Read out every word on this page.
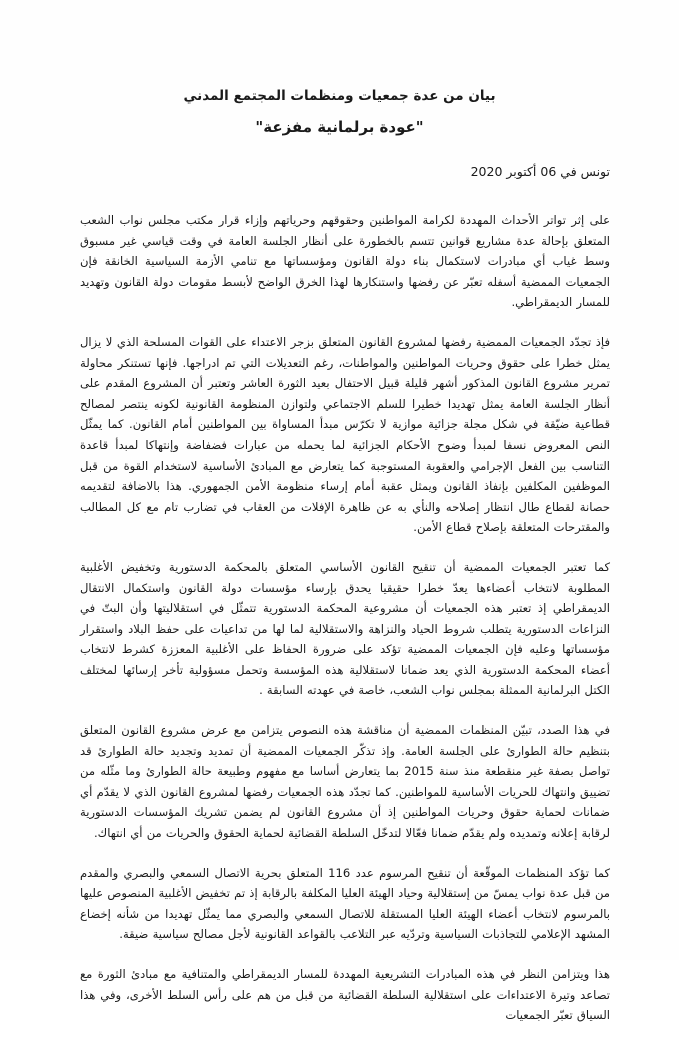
بيان من عدة جمعيات ومنظمات المجتمع المدني

"عودة برلمانية مفزعة"

تونس في 06 أكتوبر 2020

على إثر تواتر الأحداث المهددة لكرامة المواطنين وحقوقهم وحرياتهم وإزاء قرار مكتب مجلس نواب الشعب المتعلق بإحالة عدة مشاريع قوانين تتسم بالخطورة على أنظار الجلسة العامة في وقت قياسي غير مسبوق وسط غياب أي مبادرات لاستكمال بناء دولة القانون ومؤسساتها مع تنامي الأزمة السياسية الخانقة فإن الجمعيات الممضية أسفله تعبّر عن رفضها واستنكارها لهذا الخرق الواضح لأبسط مقومات دولة القانون وتهديد للمسار الديمقراطي.

فإذ تجدّد الجمعيات الممضية رفضها لمشروع القانون المتعلق بزجر الاعتداء على القوات المسلحة الذي لا يزال يمثل خطرا على حقوق وحريات المواطنين والمواطنات، رغم التعديلات التي تم ادراجها. فإنها تستنكر محاولة تمرير مشروع القانون المذكور أشهر قليلة قبيل الاحتفال بعيد الثورة العاشر وتعتبر أن المشروع المقدم على أنظار الجلسة العامة يمثل تهديدا خطيرا للسلم الاجتماعي ولتوازن المنظومة القانونية لكونه ينتصر لمصالح قطاعية ضيّقة في شكل مجلة جزائية موازية لا تكرّس مبدأ المساواة بين المواطنين أمام القانون. كما يمثّل النص المعروض نسفا لمبدأ وضوح الأحكام الجزائية لما يحمله من عبارات فضفاضة وإنتهاكا لمبدأ قاعدة التناسب بين الفعل الإجرامي والعقوبة المستوجبة كما يتعارض مع المبادئ الأساسية لاستخدام القوة من قبل الموظفين المكلفين بإنفاذ القانون ويمثل عقبة أمام إرساء منظومة الأمن الجمهوري. هذا بالاضافة لتقديمه حصانة لقطاع طال انتظار إصلاحه والنأي به عن ظاهرة الإفلات من العقاب في تضارب تام مع كل المطالب والمقترحات المتعلقة بإصلاح قطاع الأمن.

كما تعتبر الجمعيات الممضية أن تنقيح القانون الأساسي المتعلق بالمحكمة الدستورية وتخفيض الأغلبية المطلوبة لانتخاب أعضاءها يعدّ خطرا حقيقيا يحدق بإرساء مؤسسات دولة القانون واستكمال الانتقال الديمقراطي إذ تعتبر هذه الجمعيات أن مشروعية المحكمة الدستورية تتمثّل في استقلاليتها وأن البتّ في النزاعات الدستورية يتطلب شروط الحياد والنزاهة والاستقلالية لما لها من تداعيات على حفظ البلاد واستقرار مؤسساتها وعليه فإن الجمعيات الممضية تؤكد على ضرورة الحفاظ على الأغلبية المعززة كشرط لانتخاب أعضاء المحكمة الدستورية الذي يعد ضمانا لاستقلالية هذه المؤسسة وتحمل مسؤولية تأخر إرسائها لمختلف الكتل البرلمانية الممثلة بمجلس نواب الشعب، خاصة في عهدته السابقة .

في هذا الصدد، تبيّن المنظمات الممضية أن مناقشة هذه النصوص يتزامن مع عرض مشروع القانون المتعلق بتنظيم حالة الطوارئ على الجلسة العامة. وإذ تذكّر الجمعيات الممضية أن تمديد وتجديد حالة الطوارئ قد تواصل بصفة غير منقطعة منذ سنة 2015 بما يتعارض أساسا مع مفهوم وطبيعة حالة الطوارئ وما مثّله من تضييق وانتهاك للحريات الأساسية للمواطنين. كما تجدّد هذه الجمعيات رفضها لمشروع القانون الذي لا يقدّم أي ضمانات لحماية حقوق وحريات المواطنين إذ أن مشروع القانون لم يضمن تشريك المؤسسات الدستورية لرقابة إعلانه وتمديده ولم يقدّم ضمانا فعّالا لتدخّل السلطة القضائية لحماية الحقوق والحريات من أي انتهاك.

كما تؤكد المنظمات الموقّعة أن تنقيح المرسوم عدد 116 المتعلق بحرية الاتصال السمعي والبصري والمقدم من قبل عدة نواب يمسّ من إستقلالية وحياد الهيئة العليا المكلفة بالرقابة إذ تم تخفيض الأغلبية المنصوص عليها بالمرسوم لانتخاب أعضاء الهيئة العليا المستقلة للاتصال السمعي والبصري مما يمثّل تهديدا من شأنه إخضاع المشهد الإعلامي للتجاذبات السياسية وتردّيه عبر التلاعب بالقواعد القانونية لأجل مصالح سياسية ضيقة.

هذا ويتزامن النظر في هذه المبادرات التشريعية المهددة للمسار الديمقراطي والمتنافية مع مبادئ الثورة مع تصاعد وتيرة الاعتداءات على استقلالية السلطة القضائية من قبل من هم على رأس السلط الأخرى، وفي هذا السياق تعبّر الجمعيات
